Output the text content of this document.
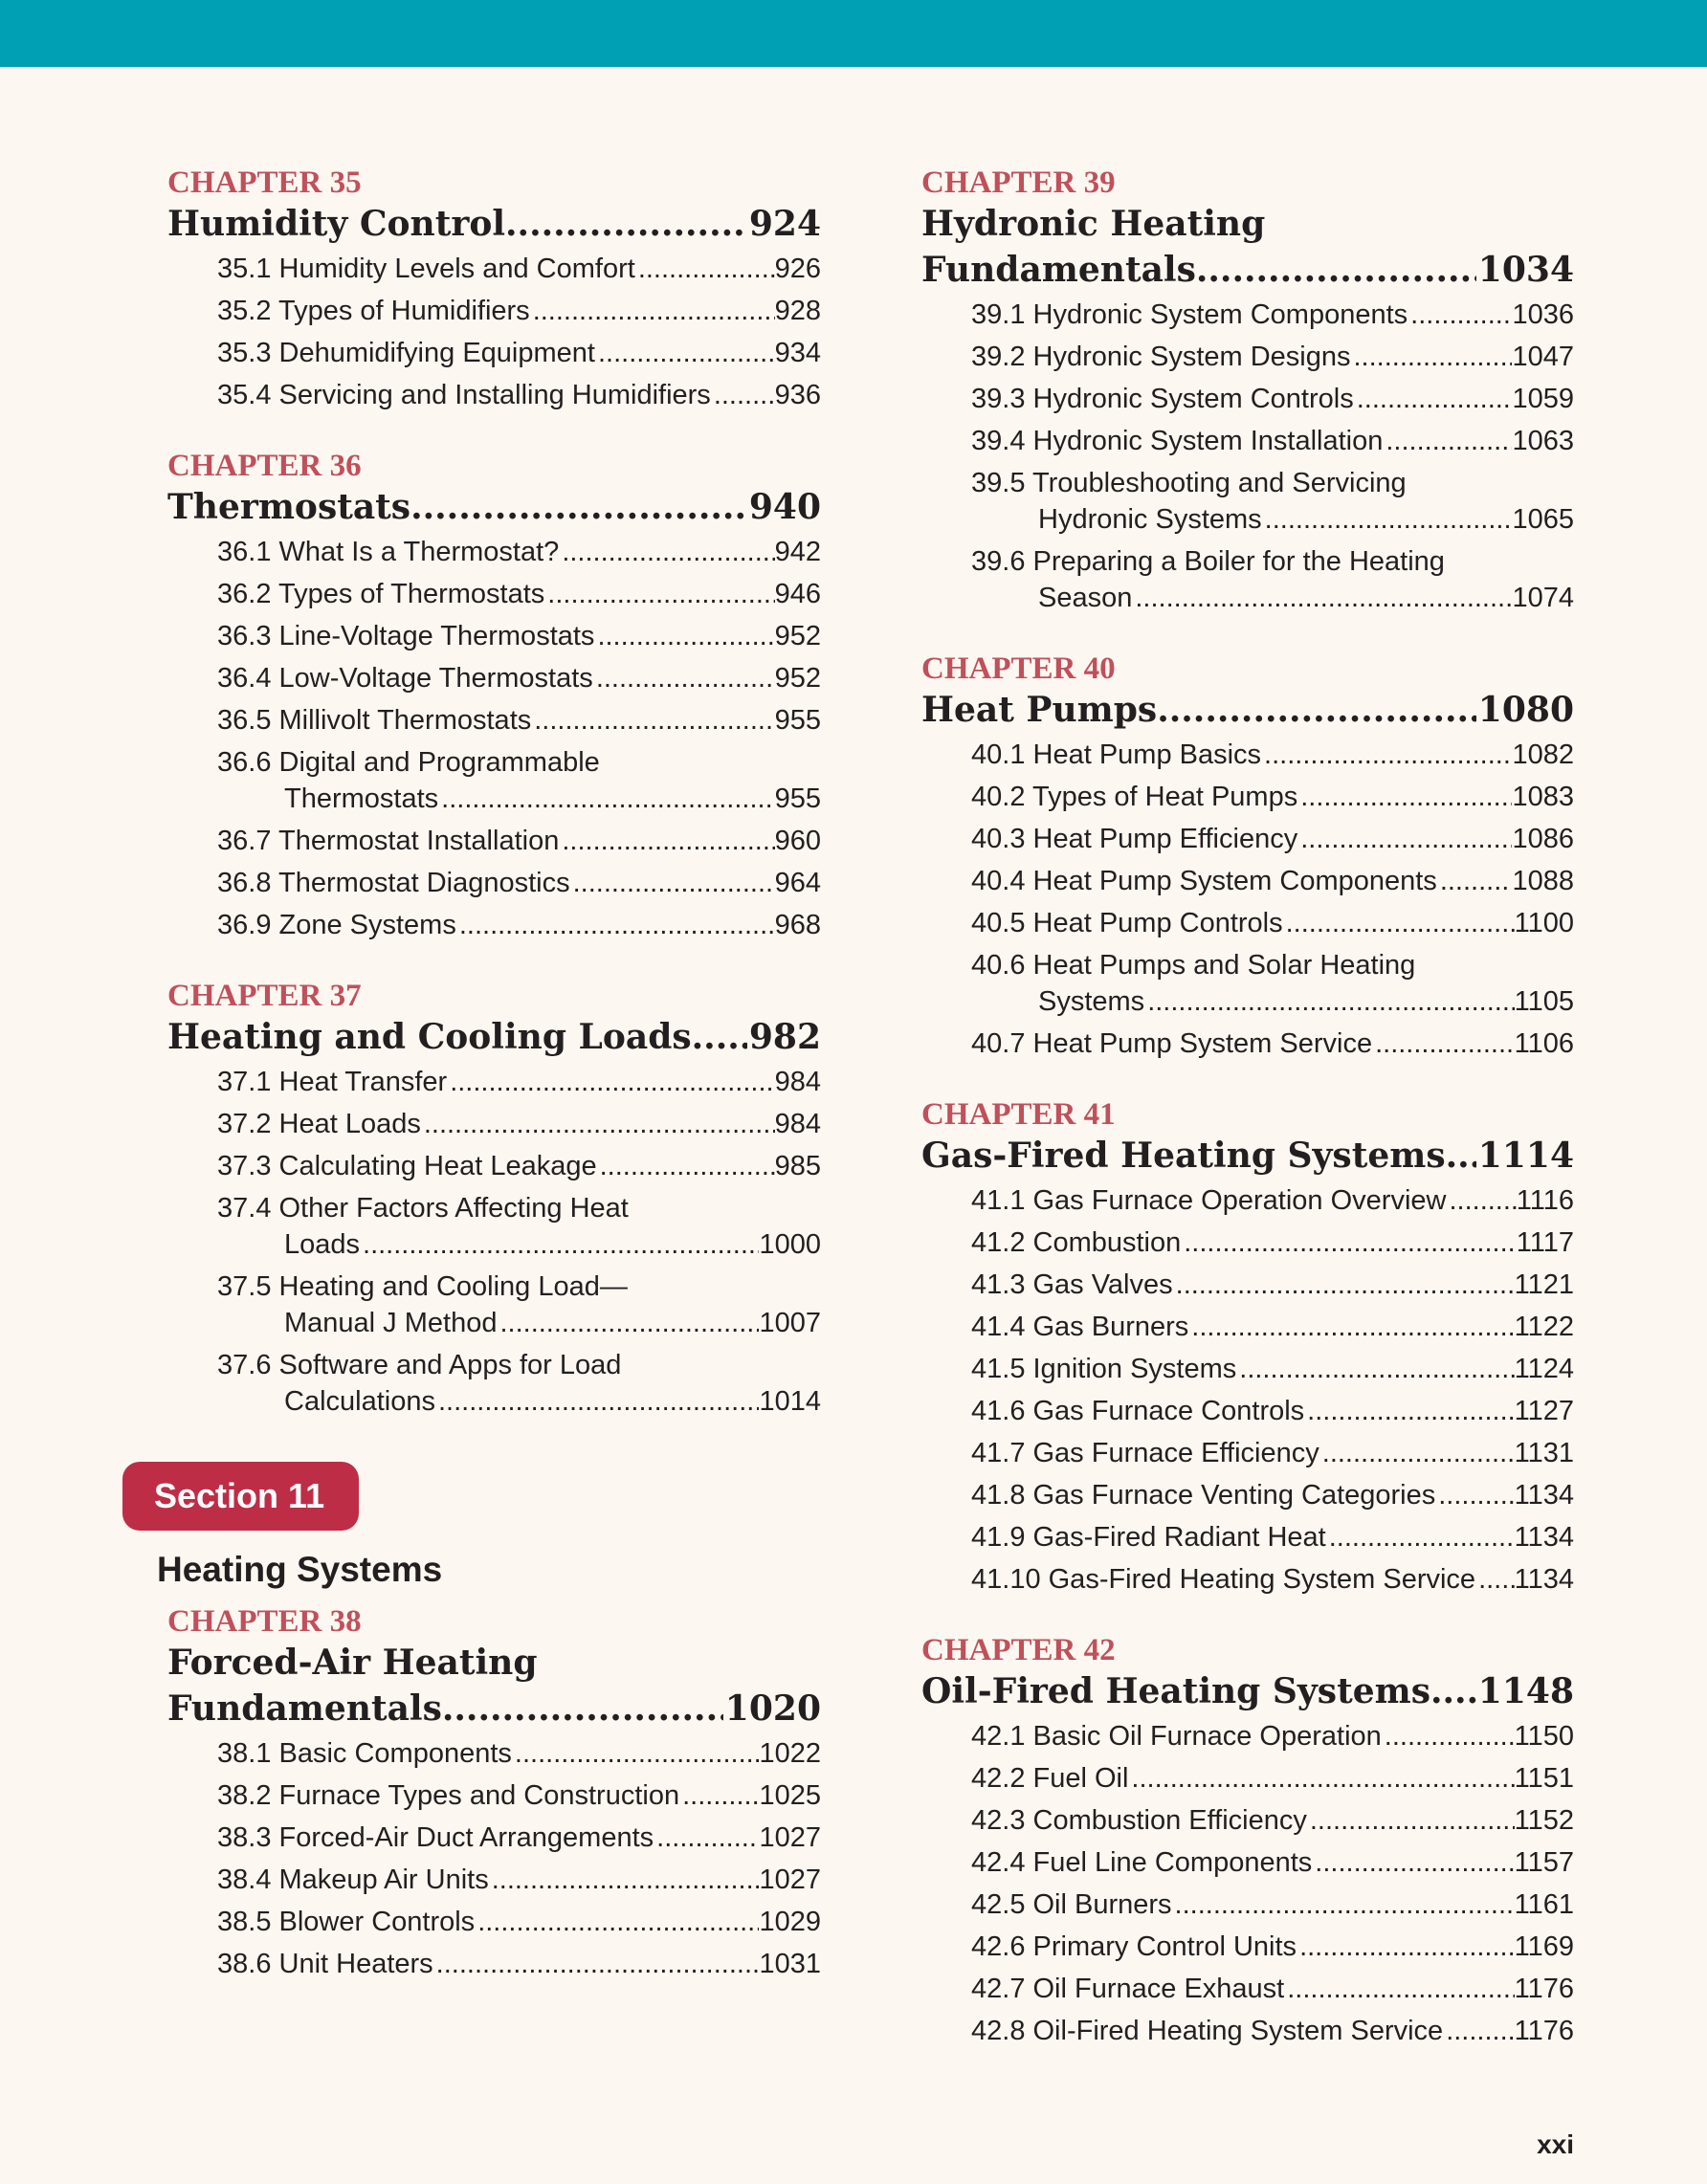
CHAPTER 35
Humidity Control .....	924
35.1 Humidity Levels and Comfort .....	926
35.2 Types of Humidifiers .....	928
35.3 Dehumidifying Equipment .....	934
35.4 Servicing and Installing Humidifiers ..... 936
CHAPTER 36
Thermostats .....	940
36.1 What Is a Thermostat? .....	942
36.2 Types of Thermostats .....	946
36.3 Line-Voltage Thermostats .....	952
36.4 Low-Voltage Thermostats .....	952
36.5 Millivolt Thermostats .....	955
36.6 Digital and Programmable
Thermostats .....	955
36.7 Thermostat Installation .....	960
36.8 Thermostat Diagnostics .....	964
36.9 Zone Systems .....	968
CHAPTER 37
Heating and Cooling Loads ..... 982
37.1 Heat Transfer .....	984
37.2 Heat Loads .....	984
37.3 Calculating Heat Leakage .....	985
37.4 Other Factors Affecting Heat
Loads .....	1000
37.5 Heating and Cooling Load—
Manual J Method .....	1007
37.6 Software and Apps for Load
Calculations .....	1014
Section 11
Heating Systems
CHAPTER 38
Forced-Air Heating
Fundamentals .....	1020
38.1 Basic Components .....	1022
38.2 Furnace Types and Construction .....	1025
38.3 Forced-Air Duct Arrangements .....	1027
38.4 Makeup Air Units .....	1027
38.5 Blower Controls .....	1029
38.6 Unit Heaters .....	1031
CHAPTER 39
Hydronic Heating
Fundamentals .....	1034
39.1 Hydronic System Components .....	1036
39.2 Hydronic System Designs .....	1047
39.3 Hydronic System Controls .....	1059
39.4 Hydronic System Installation .....	1063
39.5 Troubleshooting and Servicing
Hydronic Systems .....	1065
39.6 Preparing a Boiler for the Heating
Season .....	1074
CHAPTER 40
Heat Pumps .....	1080
40.1 Heat Pump Basics .....	1082
40.2 Types of Heat Pumps .....	1083
40.3 Heat Pump Efficiency .....	1086
40.4 Heat Pump System Components .....	1088
40.5 Heat Pump Controls .....	1100
40.6 Heat Pumps and Solar Heating
Systems .....	1105
40.7 Heat Pump System Service .....	1106
CHAPTER 41
Gas-Fired Heating Systems ..... 1114
41.1 Gas Furnace Operation Overview .....	1116
41.2 Combustion .....	1117
41.3 Gas Valves .....	1121
41.4 Gas Burners .....	1122
41.5 Ignition Systems .....	1124
41.6 Gas Furnace Controls .....	1127
41.7 Gas Furnace Efficiency .....	1131
41.8 Gas Furnace Venting Categories .....	1134
41.9 Gas-Fired Radiant Heat .....	1134
41.10 Gas-Fired Heating System Service ..... 1134
CHAPTER 42
Oil-Fired Heating Systems ..... 1148
42.1 Basic Oil Furnace Operation .....	1150
42.2 Fuel Oil .....	1151
42.3 Combustion Efficiency .....	1152
42.4 Fuel Line Components .....	1157
42.5 Oil Burners .....	1161
42.6 Primary Control Units .....	1169
42.7 Oil Furnace Exhaust .....	1176
42.8 Oil-Fired Heating System Service .....	1176
xxi
